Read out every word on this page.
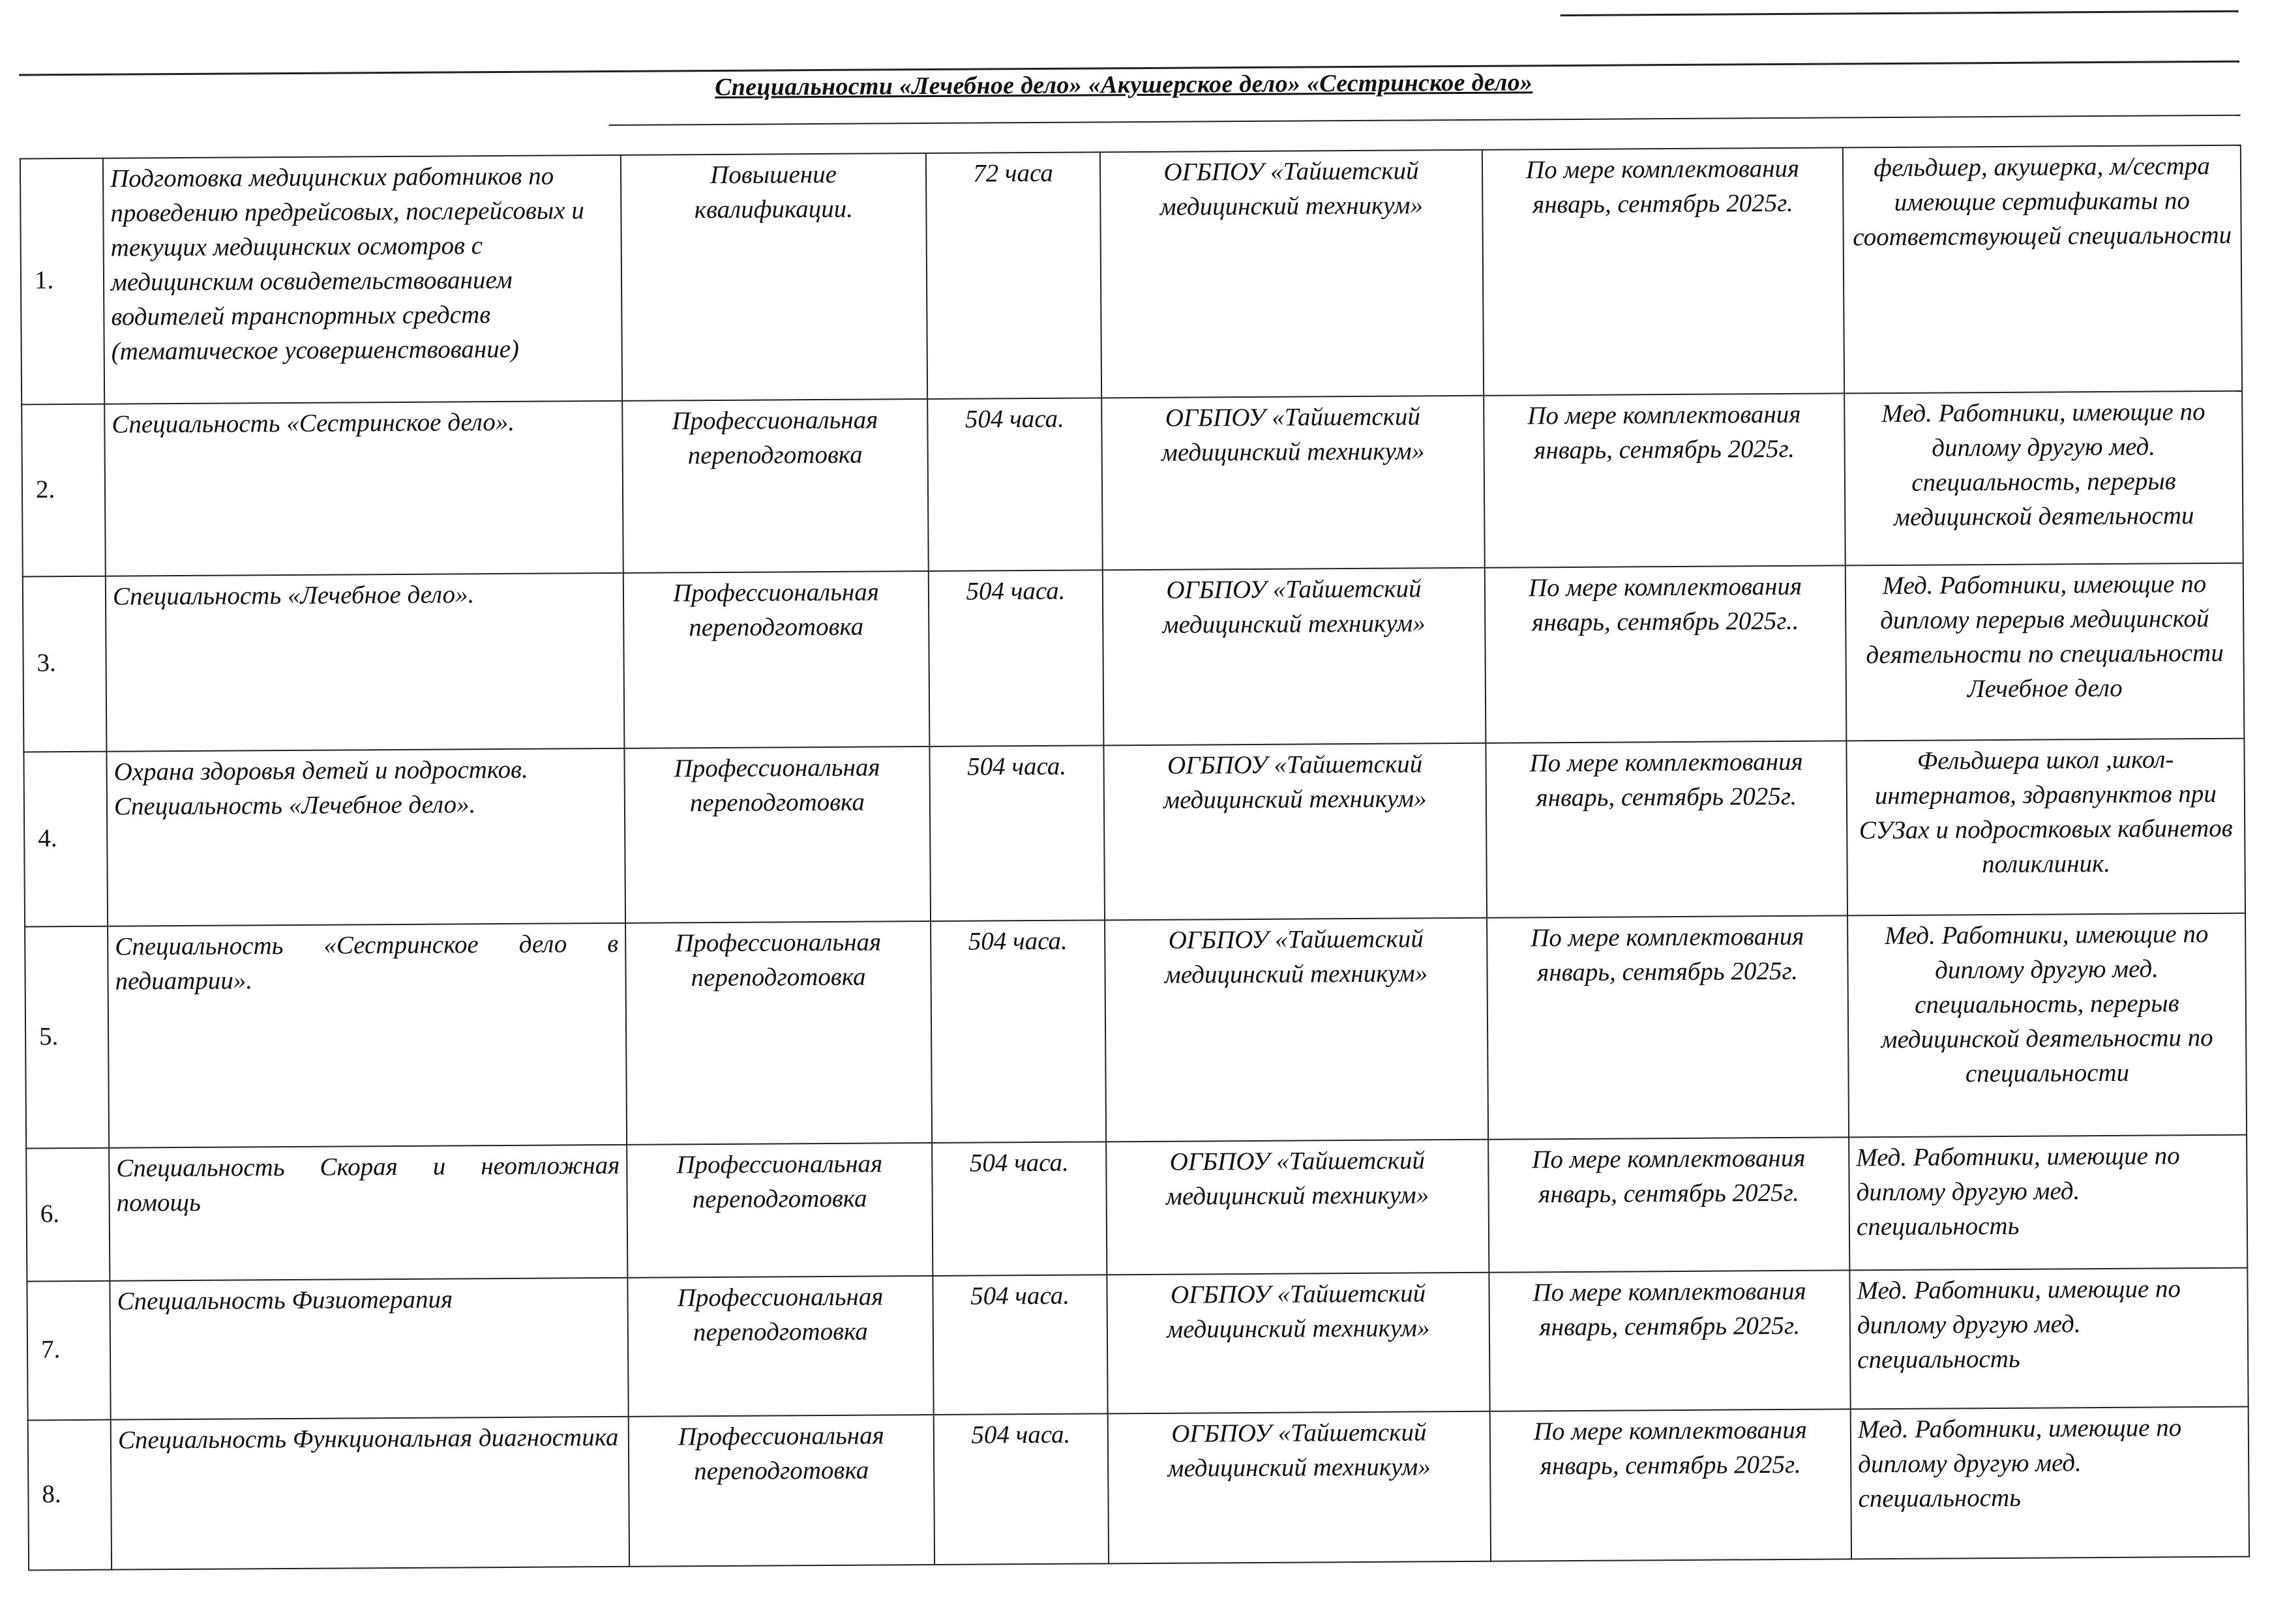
Специальности «Лечебное дело» «Акушерское дело» «Сестринское дело»
1.	Подготовка медицинских работников по проведению предрейсовых, послерейсовых и текущих медицинских осмотров с медицинским освидетельствованием водителей транспортных средств (тематическое усовершенствование)	Повышение квалификации.	72 часа	ОГБПОУ «Тайшетский медицинский техникум»	По мере комплектования январь, сентябрь 2025г.	фельдшер, акушерка, м/сестра имеющие сертификаты по соответствующей специальности
2.	Специальность «Сестринское дело».	Профессиональная переподготовка	504 часа.	ОГБПОУ «Тайшетский медицинский техникум»	По мере комплектования январь, сентябрь 2025г.	Мед. Работники, имеющие по диплому другую мед. специальность, перерыв медицинской деятельности
3.	Специальность «Лечебное дело».	Профессиональная переподготовка	504 часа.	ОГБПОУ «Тайшетский медицинский техникум»	По мере комплектования январь, сентябрь 2025г..	Мед. Работники, имеющие по диплому перерыв медицинской деятельности по специальности Лечебное дело
4.	Охрана здоровья детей и подростков. Специальность «Лечебное дело».	Профессиональная переподготовка	504 часа.	ОГБПОУ «Тайшетский медицинский техникум»	По мере комплектования январь, сентябрь 2025г.	Фельдшера школ ,школ-интернатов, здравпунктов при СУЗах и подростковых кабинетов поликлиник.
5.	Специальность «Сестринское дело в педиатрии».	Профессиональная переподготовка	504 часа.	ОГБПОУ «Тайшетский медицинский техникум»	По мере комплектования январь, сентябрь 2025г.	Мед. Работники, имеющие по диплому другую мед. специальность, перерыв медицинской деятельности по специальности
6.	Специальность Скорая и неотложная помощь	Профессиональная переподготовка	504 часа.	ОГБПОУ «Тайшетский медицинский техникум»	По мере комплектования январь, сентябрь 2025г.	Мед. Работники, имеющие по диплому другую мед. специальность
7.	Специальность Физиотерапия	Профессиональная переподготовка	504 часа.	ОГБПОУ «Тайшетский медицинский техникум»	По мере комплектования январь, сентябрь 2025г.	Мед. Работники, имеющие по диплому другую мед. специальность
8.	Специальность Функциональная диагностика	Профессиональная переподготовка	504 часа.	ОГБПОУ «Тайшетский медицинский техникум»	По мере комплектования январь, сентябрь 2025г.	Мед. Работники, имеющие по диплому другую мед. специальность
